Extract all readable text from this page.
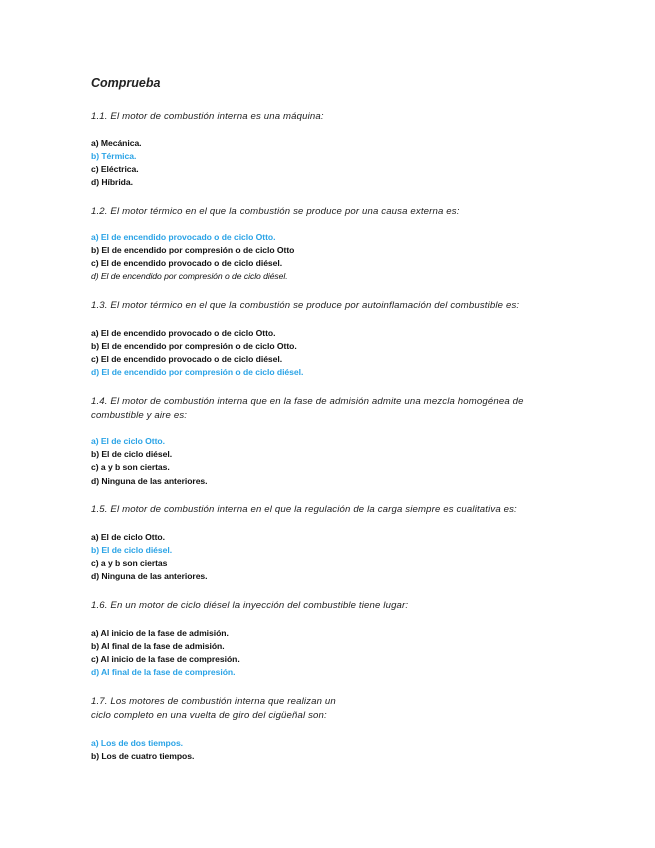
Comprueba
1.1. El motor de combustión interna es una máquina:
a) Mecánica.
b) Térmica.
c) Eléctrica.
d) Híbrida.
1.2. El motor térmico en el que la combustión se produce por una causa externa es:
a) El de encendido provocado o de ciclo Otto.
b) El de encendido por compresión o de ciclo Otto
c) El de encendido provocado o de ciclo diésel.
d) El de encendido por compresión o de ciclo diésel.
1.3. El motor térmico en el que la combustión se produce por autoinflamación del combustible es:
a) El de encendido provocado o de ciclo Otto.
b) El de encendido por compresión o de ciclo Otto.
c) El de encendido provocado o de ciclo diésel.
d) El de encendido por compresión o de ciclo diésel.
1.4. El motor de combustión interna que en la fase de admisión admite una mezcla homogénea de
combustible y aire es:
a) El de ciclo Otto.
b) El de ciclo diésel.
c) a y b son ciertas.
d) Ninguna de las anteriores.
1.5. El motor de combustión interna en el que la regulación de la carga siempre es cualitativa es:
a) El de ciclo Otto.
b) El de ciclo diésel.
c) a y b son ciertas
d) Ninguna de las anteriores.
1.6. En un motor de ciclo diésel la inyección del combustible tiene lugar:
a) Al inicio de la fase de admisión.
b) Al final de la fase de admisión.
c) Al inicio de la fase de compresión.
d) Al final de la fase de compresión.
1.7. Los motores de combustión interna que realizan un
ciclo completo en una vuelta de giro del cigüeñal son:
a) Los de dos tiempos.
b) Los de cuatro tiempos.
